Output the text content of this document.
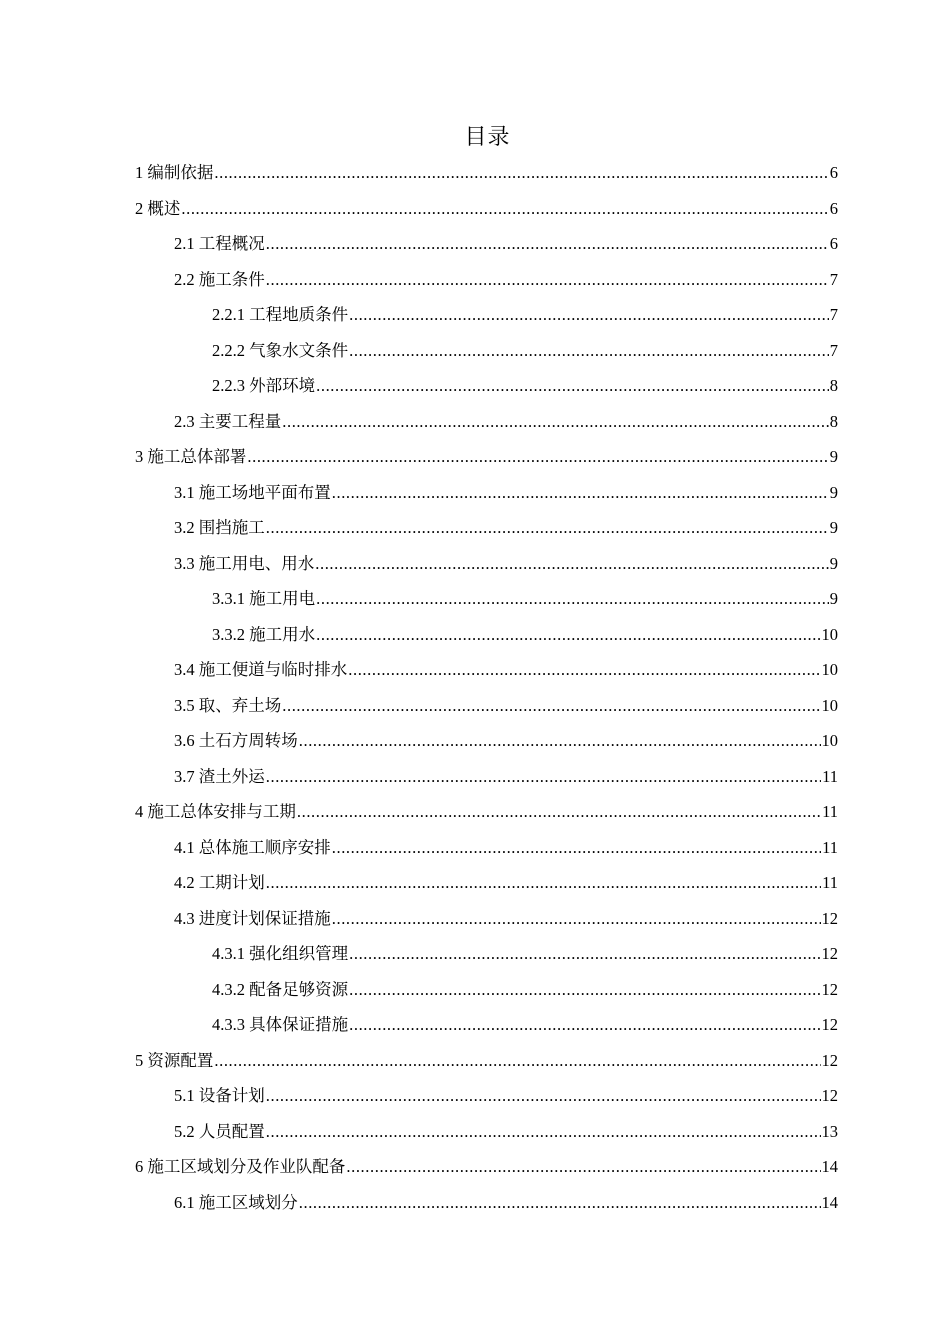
目录
1 编制依据 .....	6
2 概述 .....	6
2.1 工程概况 .....	6
2.2 施工条件 .....	7
2.2.1 工程地质条件 .....	7
2.2.2 气象水文条件 .....	7
2.2.3 外部环境 .....	8
2.3 主要工程量 .....	8
3 施工总体部署 .....	9
3.1 施工场地平面布置 .....	9
3.2 围挡施工 .....	9
3.3 施工用电、用水 .....	9
3.3.1 施工用电 .....	9
3.3.2 施工用水 .....	10
3.4 施工便道与临时排水 .....	10
3.5 取、弃土场 .....	10
3.6 土石方周转场 .....	10
3.7 渣土外运 .....	11
4 施工总体安排与工期 .....	11
4.1 总体施工顺序安排 .....	11
4.2 工期计划 .....	11
4.3 进度计划保证措施 .....	12
4.3.1 强化组织管理 .....	12
4.3.2 配备足够资源 .....	12
4.3.3 具体保证措施 .....	12
5 资源配置 .....	12
5.1 设备计划 .....	12
5.2 人员配置 .....	13
6 施工区域划分及作业队配备 .....	14
6.1 施工区域划分 .....	14
